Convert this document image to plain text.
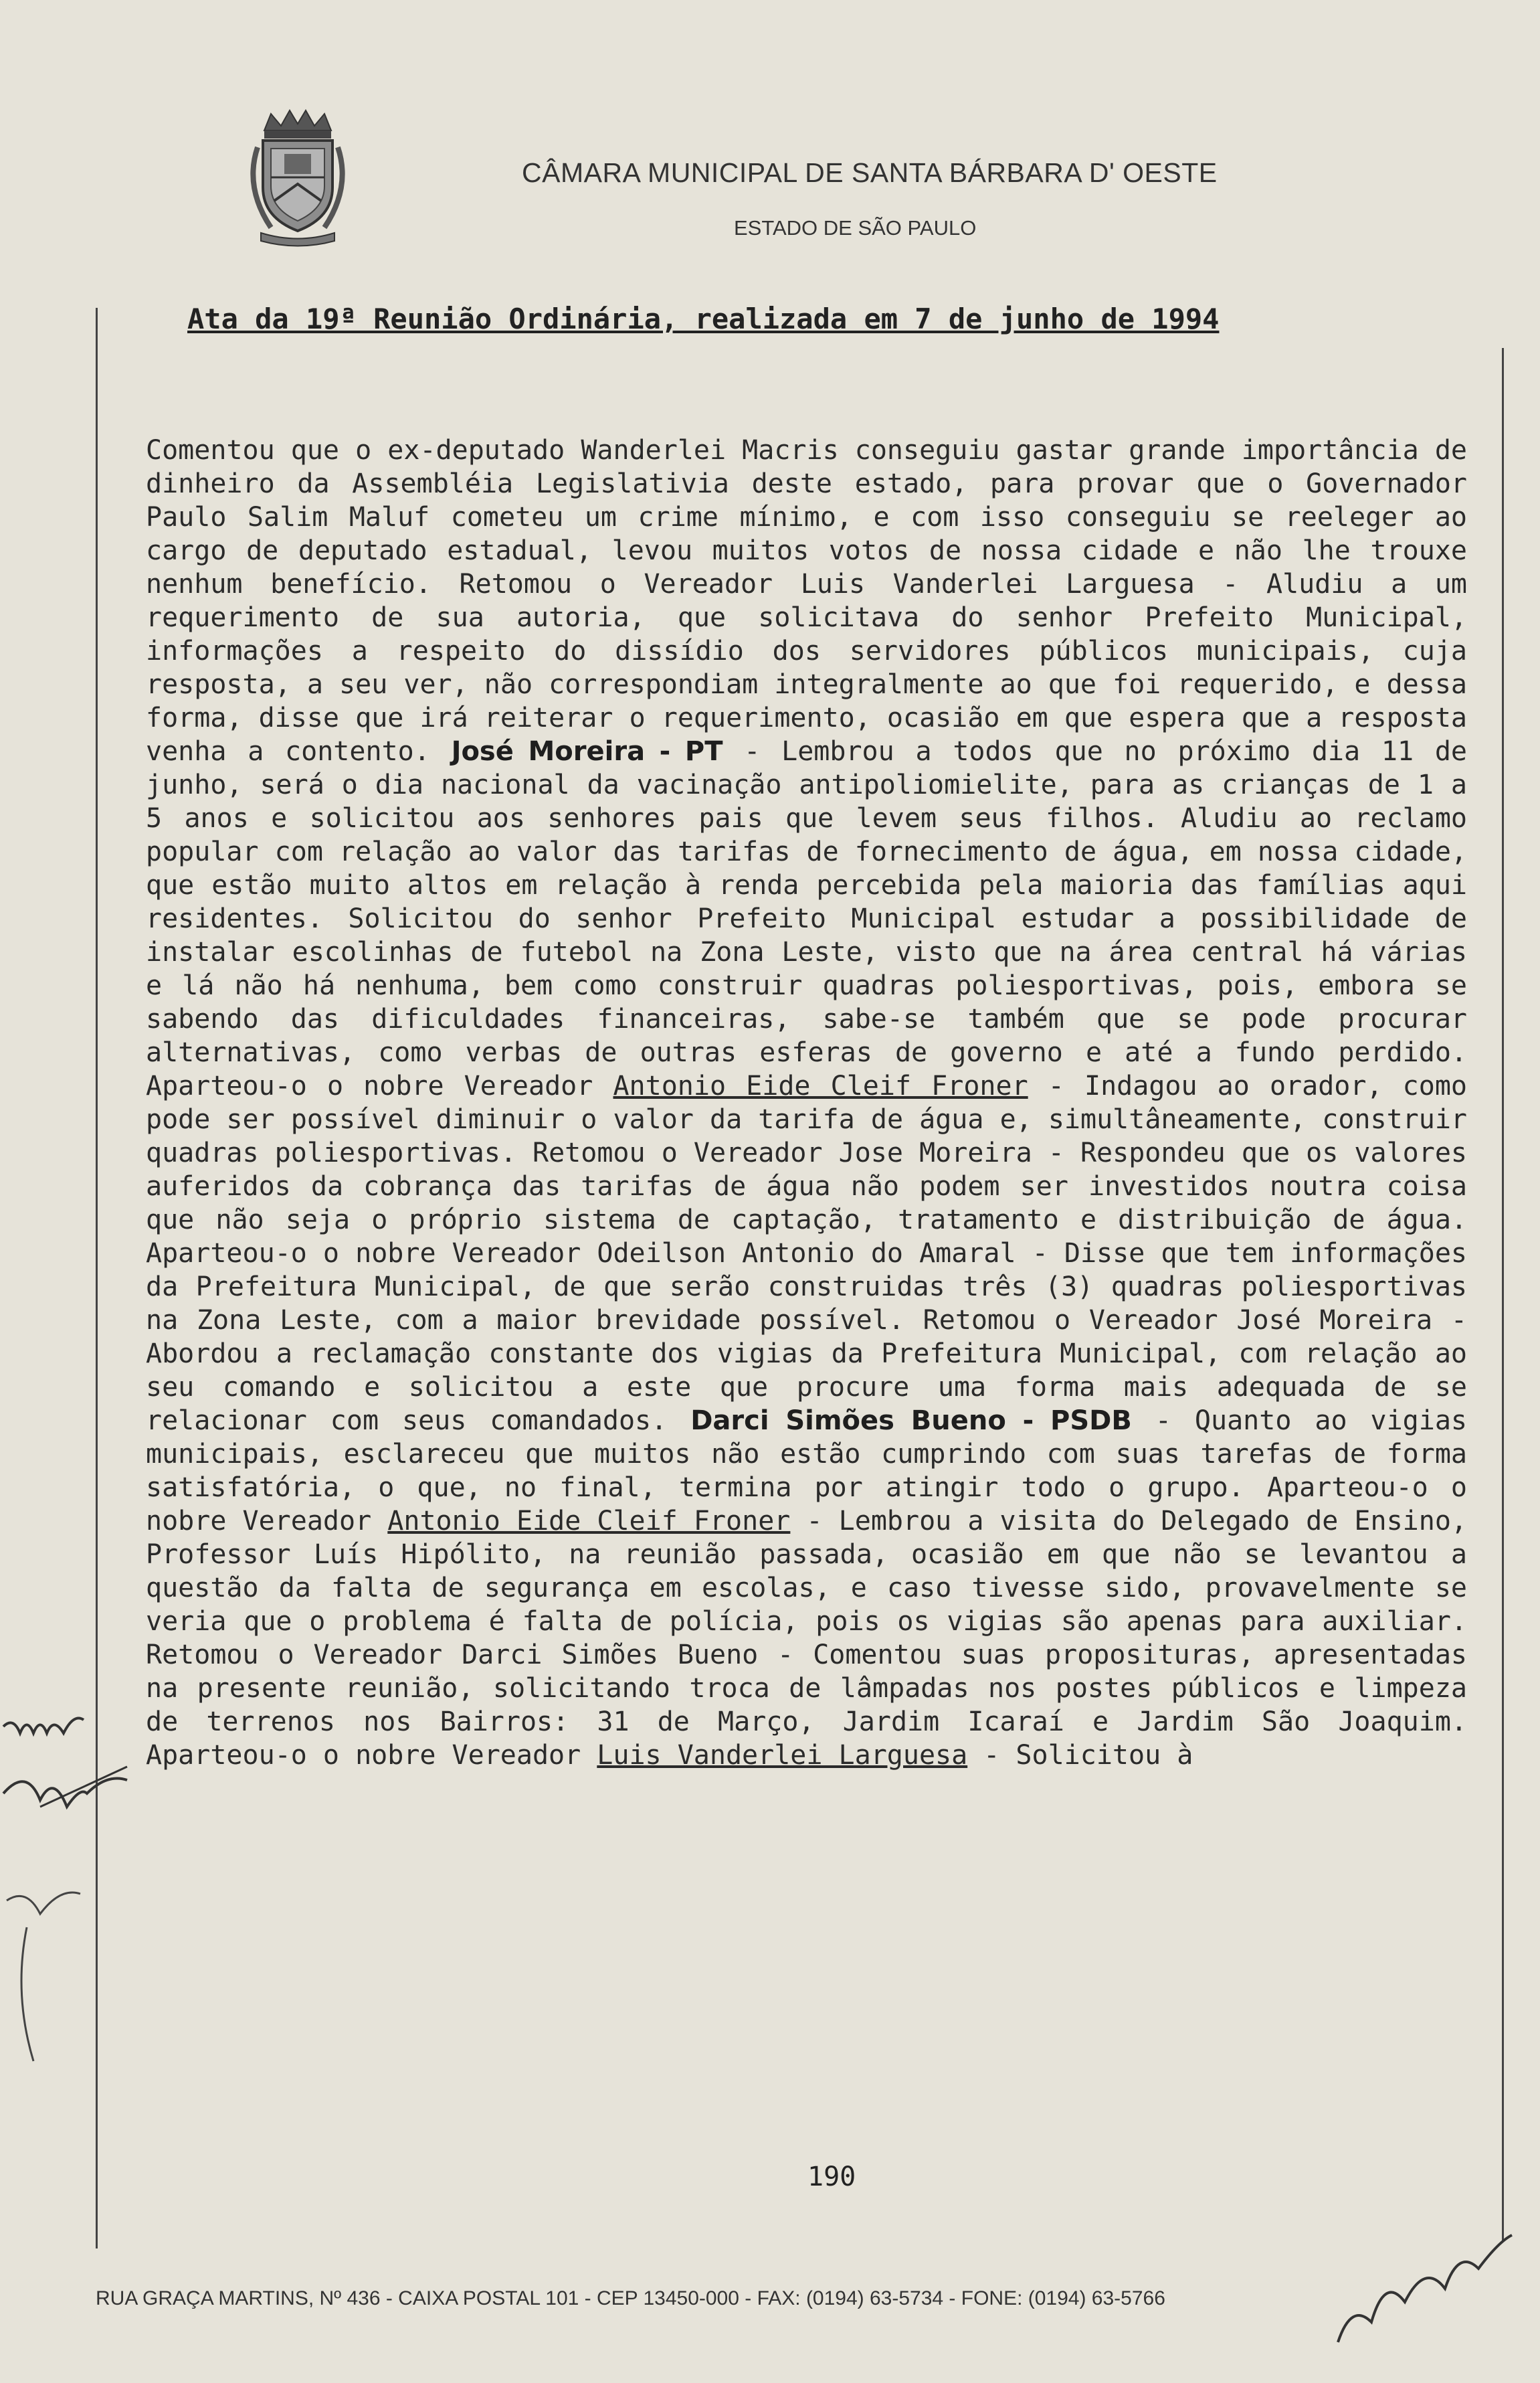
CÂMARA MUNICIPAL DE SANTA BÁRBARA D' OESTE
ESTADO DE SÃO PAULO
Ata da 19ª Reunião Ordinária, realizada em 7 de junho de 1994

Comentou que o ex-deputado Wanderlei Macris conseguiu gastar grande importância de dinheiro da Assembléia Legislativia deste estado, para provar que o Governador Paulo Salim Maluf cometeu um crime mínimo, e com isso conseguiu se reeleger ao cargo de deputado estadual, levou muitos votos de nossa cidade e não lhe trouxe nenhum benefício. Retomou o Vereador Luis Vanderlei Larguesa - Aludiu a um requerimento de sua autoria, que solicitava do senhor Prefeito Municipal, informações a respeito do dissídio dos servidores públicos municipais, cuja resposta, a seu ver, não correspondiam integralmente ao que foi requerido, e dessa forma, disse que irá reiterar o requerimento, ocasião em que espera que a resposta venha a contento. José Moreira - PT - Lembrou a todos que no próximo dia 11 de junho, será o dia nacional da vacinação antipoliomielite, para as crianças de 1 a 5 anos e solicitou aos senhores pais que levem seus filhos. Aludiu ao reclamo popular com relação ao valor das tarifas de fornecimento de água, em nossa cidade, que estão muito altos em relação à renda percebida pela maioria das famílias aqui residentes. Solicitou do senhor Prefeito Municipal estudar a possibilidade de instalar escolinhas de futebol na Zona Leste, visto que na área central há várias e lá não há nenhuma, bem como construir quadras poliesportivas, pois, embora se sabendo das dificuldades financeiras, sabe-se também que se pode procurar alternativas, como verbas de outras esferas de governo e até a fundo perdido. Aparteou-o o nobre Vereador Antonio Eide Cleif Froner - Indagou ao orador, como pode ser possível diminuir o valor da tarifa de água e, simultâneamente, construir quadras poliesportivas. Retomou o Vereador Jose Moreira - Respondeu que os valores auferidos da cobrança das tarifas de água não podem ser investidos noutra coisa que não seja o próprio sistema de captação, tratamento e distribuição de água. Aparteou-o o nobre Vereador Odeilson Antonio do Amaral - Disse que tem informações da Prefeitura Municipal, de que serão construidas três (3) quadras poliesportivas na Zona Leste, com a maior brevidade possível. Retomou o Vereador José Moreira - Abordou a reclamação constante dos vigias da Prefeitura Municipal, com relação ao seu comando e solicitou a este que procure uma forma mais adequada de se relacionar com seus comandados. Darci Simões Bueno - PSDB - Quanto ao vigias municipais, esclareceu que muitos não estão cumprindo com suas tarefas de forma satisfatória, o que, no final, termina por atingir todo o grupo. Aparteou-o o nobre Vereador Antonio Eide Cleif Froner - Lembrou a visita do Delegado de Ensino, Professor Luís Hipólito, na reunião passada, ocasião em que não se levantou a questão da falta de segurança em escolas, e caso tivesse sido, provavelmente se veria que o problema é falta de polícia, pois os vigias são apenas para auxiliar. Retomou o Vereador Darci Simões Bueno - Comentou suas proposituras, apresentadas na presente reunião, solicitando troca de lâmpadas nos postes públicos e limpeza de terrenos nos Bairros: 31 de Março, Jardim Icaraí e Jardim São Joaquim. Aparteou-o o nobre Vereador Luis Vanderlei Larguesa - Solicitou à

190
RUA GRAÇA MARTINS, Nº 436 - CAIXA POSTAL 101 - CEP 13450-000 - FAX: (0194) 63-5734 - FONE: (0194) 63-5766
